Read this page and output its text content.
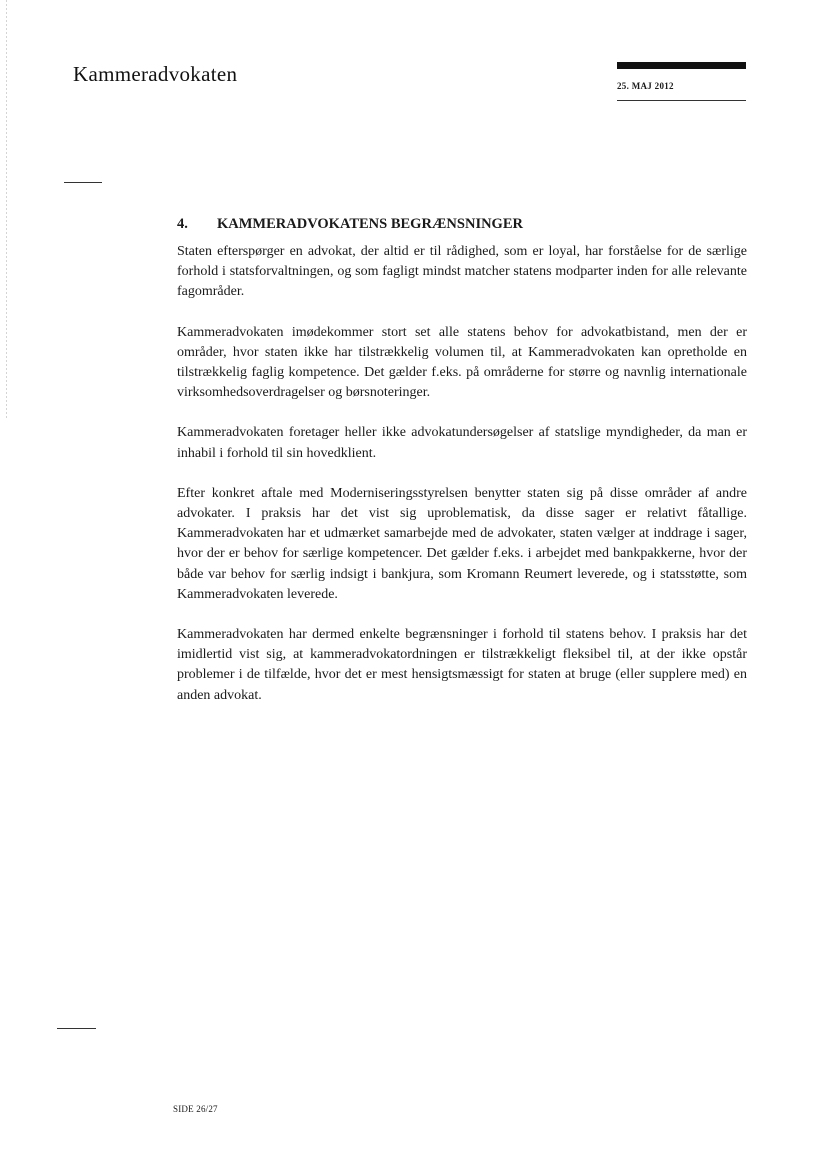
Kammeradvokaten	25. MAJ 2012
4.	KAMMERADVOKATENS BEGRÆNSNINGER

Staten efterspørger en advokat, der altid er til rådighed, som er loyal, har forståelse for de særlige forhold i statsforvaltningen, og som fagligt mindst matcher statens modparter inden for alle relevante fagområder.

Kammeradvokaten imødekommer stort set alle statens behov for advokatbistand, men der er områder, hvor staten ikke har tilstrækkelig volumen til, at Kammeradvokaten kan opretholde en tilstrækkelig faglig kompetence. Det gælder f.eks. på områderne for større og navnlig internationale virksomhedsoverdragelser og børsnoteringer.

Kammeradvokaten foretager heller ikke advokatundersøgelser af statslige myndigheder, da man er inhabil i forhold til sin hovedklient.

Efter konkret aftale med Moderniseringsstyrelsen benytter staten sig på disse områder af andre advokater. I praksis har det vist sig uproblematisk, da disse sager er relativt fåtallige. Kammeradvokaten har et udmærket samarbejde med de advokater, staten vælger at inddrage i sager, hvor der er behov for særlige kompetencer. Det gælder f.eks. i arbejdet med bankpakkerne, hvor der både var behov for særlig indsigt i bankjura, som Kromann Reumert leverede, og i statsstøtte, som Kammeradvokaten leverede.

Kammeradvokaten har dermed enkelte begrænsninger i forhold til statens behov. I praksis har det imidlertid vist sig, at kammeradvokatordningen er tilstrækkeligt fleksibel til, at der ikke opstår problemer i de tilfælde, hvor det er mest hensigtsmæssigt for staten at bruge (eller supplere med) en anden advokat.

SIDE 26/27
